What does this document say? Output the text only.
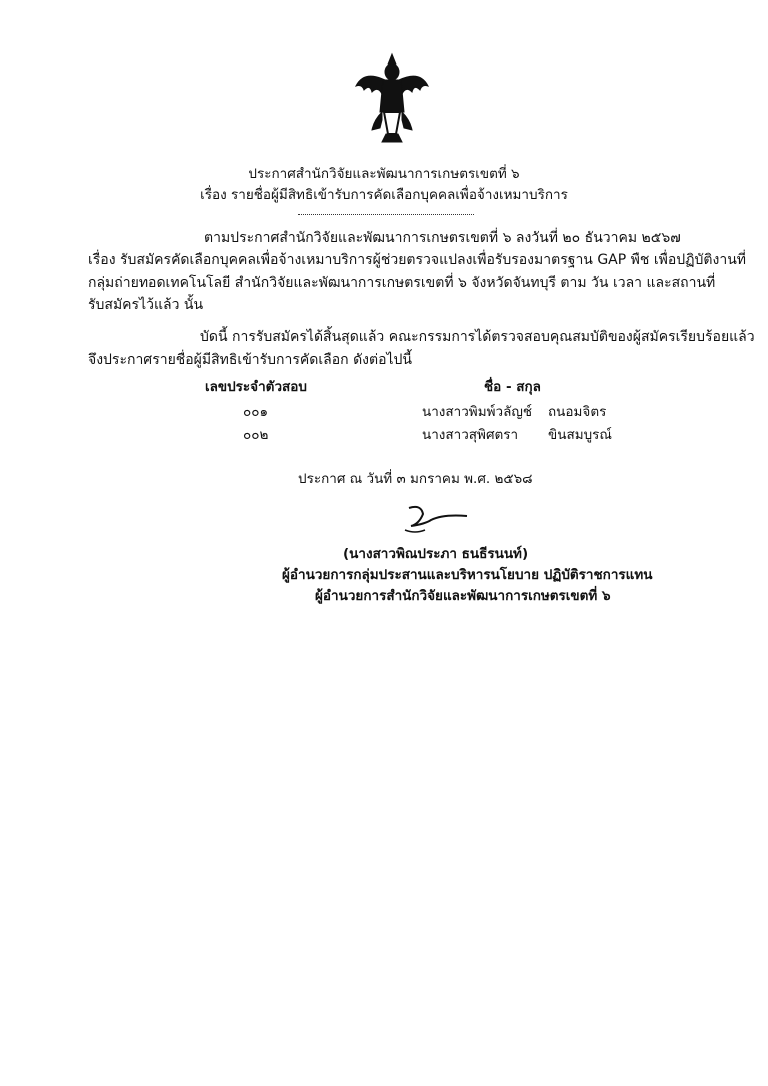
ประกาศสำนักวิจัยและพัฒนาการเกษตรเขตที่ ๖
เรื่อง รายชื่อผู้มีสิทธิเข้ารับการคัดเลือกบุคคลเพื่อจ้างเหมาบริการ
ตามประกาศสำนักวิจัยและพัฒนาการเกษตรเขตที่ ๖ ลงวันที่ ๒๐ ธันวาคม ๒๕๖๗
เรื่อง รับสมัครคัดเลือกบุคคลเพื่อจ้างเหมาบริการผู้ช่วยตรวจแปลงเพื่อรับรองมาตรฐาน GAP พืช เพื่อปฏิบัติงานที่
กลุ่มถ่ายทอดเทคโนโลยี สำนักวิจัยและพัฒนาการเกษตรเขตที่ ๖ จังหวัดจันทบุรี ตาม วัน เวลา และสถานที่
รับสมัครไว้แล้ว นั้น
บัดนี้ การรับสมัครได้สิ้นสุดแล้ว คณะกรรมการได้ตรวจสอบคุณสมบัติของผู้สมัครเรียบร้อยแล้ว
จึงประกาศรายชื่อผู้มีสิทธิเข้ารับการคัดเลือก ดังต่อไปนี้
เลขประจำตัวสอบ	ชื่อ - สกุล
๐๐๑	นางสาวพิมพ์วลัญช์ ถนอมจิตร
๐๐๒	นางสาวสุพิศตรา ขินสมบูรณ์
ประกาศ ณ วันที่ ๓ มกราคม พ.ศ. ๒๕๖๘
(นางสาวพิณประภา ธนธีรนนท์)
ผู้อำนวยการกลุ่มประสานและบริหารนโยบาย ปฏิบัติราชการแทน
ผู้อำนวยการสำนักวิจัยและพัฒนาการเกษตรเขตที่ ๖
